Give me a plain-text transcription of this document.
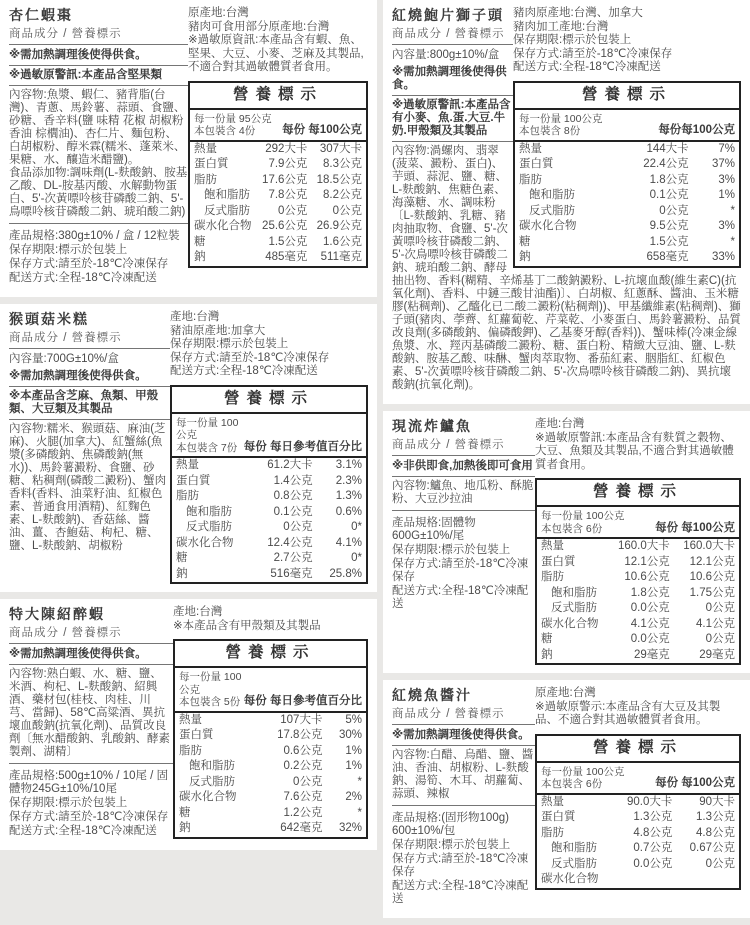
原產地:台灣
豬肉可食用部分原產地:台灣
※過敏原資訊:本產品含有蝦、魚、堅果、大豆、小麥、芝麻及其製品,不適合對其過敏體質者食用。
營養標示
每一份量 95公克
本包裝含 4份	每份 每100公克
熱量	292大卡	307大卡
蛋白質	7.9公克	8.3公克
脂肪	17.6公克	18.5公克
飽和脂肪	7.8公克	8.2公克
反式脂肪	0公克	0公克
碳水化合物	25.6公克	26.9公克
糖	1.5公克	1.6公克
鈉	485毫克	511毫克
杏仁蝦棗
商品成分 / 營養標示
※需加熱調理後使得供食。
※過敏原警訊:本產品含堅果類
內容物:魚漿、蝦仁、豬背脂(台灣)、青蔥、馬鈴薯、蒜頭、食鹽、砂糖、香辛料(鹽 味精 花椒 胡椒粉 香油 棕櫚油)、杏仁片、麵包粉、白胡椒粉、醇米霖(糯米、蓬萊米、果糖、水、釀造米醋鹽)。
食品添加物:調味劑(L-麩酸鈉、胺基乙酸、DL-胺基丙酸、水解動物蛋白、5'-次黃嘌呤核苷磷酸二鈉、5'-鳥嘌呤核苷磷酸二鈉、琥珀酸二鈉)
產品規格:380g±10% / 盒 / 12粒裝
保存期限:標示於包裝上
保存方式:請至於-18℃冷凍保存
配送方式:全程-18℃冷凍配送
產地:台灣
豬油原產地:加拿大
保存期限:標示於包裝上
保存方式:請至於-18℃冷凍保存
配送方式:全程-18℃冷凍配送
營養標示
每一份量 100公克
本包裝含 7份 每份 每日參考值百分比
熱量	61.2大卡	3.1%
蛋白質	1.4公克	2.3%
脂肪	0.8公克	1.3%
飽和脂肪	0.1公克	0.6%
反式脂肪	0公克	0*
碳水化合物	12.4公克	4.1%
糖	2.7公克	0*
鈉	516毫克	25.8%
猴頭菇米糕
商品成分 / 營養標示
內容量:700G±10%/盒
※需加熱調理後使得供食。
※本產品含芝麻、魚類、甲殼類、大豆類及其製品
內容物:糯米、猴頭菇、麻油(芝麻)、火腿(加拿大)、紅蟹絲(魚漿(多磷酸鈉、焦磷酸鈉(無水))、馬鈴薯澱粉、食鹽、砂糖、粘稠劑(磷酸二澱粉)、蟹肉香料(香料、油菜籽油、紅椒色素、普通食用酒精)、紅麴色素、L-麩酸鈉)、香菇絲、醬油、薑、杏鮑菇、枸杞、糖、鹽、L-麩酸鈉、胡椒粉
產地:台灣
※本產品含有甲殼類及其製品
營養標示
每一份量 100公克
本包裝含 5份 每份 每日參考值百分比
熱量	107大卡	5%
蛋白質	17.8公克	30%
脂肪	0.6公克	1%
飽和脂肪	0.2公克	1%
反式脂肪	0公克	*
碳水化合物	7.6公克	2%
糖	1.2公克	*
鈉	642毫克	32%
特大陳紹醉蝦
商品成分 / 營養標示
※需加熱調理後使得供食。
內容物:熟白蝦、水、糖、鹽、米酒、枸杞、L-麩酸鈉、紹興酒、藥材包(桂枝、肉桂、川芎、當歸)、58℃高粱酒、異抗壞血酸鈉(抗氧化劑)、品質改良劑〔無水醋酸鈉、乳酸鈉、酵素製劑、湖精〕
產品規格:500g±10% / 10尾 / 固體物245G±10%/10尾
保存期限:標示於包裝上
保存方式:請至於-18℃冷凍保存
配送方式:全程-18℃冷凍配送
豬肉原產地:台灣、加拿大
豬肉加工產地:台灣
保存期限:標示於包裝上
保存方式:請至於-18℃冷凍保存
配送方式:全程-18℃冷凍配送
營養標示
每一份量 100公克
本包裝含 8份	每份每100公克
熱量	144大卡	7%
蛋白質	22.4公克	37%
脂肪	1.8公克	3%
飽和脂肪	0.1公克	1%
反式脂肪	0公克	*
碳水化合物	9.5公克	3%
糖	1.5公克	*
鈉	658毫克	33%
紅燒鮑片獅子頭
商品成分 / 營養標示
內容量:800g±10%/盒
※需加熱調理後使得供食。
※過敏原警訊:本產品含有小麥、魚.蛋.大豆.牛奶.甲殼類及其製品
內容物:渦螺肉、翡翠(菠菜、澱粉、蛋白)、芋頭、蒜泥、鹽、糖、L-麩酸鈉、焦糖色素、海藻糖、水、調味粉〔L-麩酸鈉、乳糖、豬肉抽取物、食鹽、5'-次黃嘌呤核苷磷酸二鈉、5'-次鳥嘌呤核苷磷酸二鈉、琥珀酸二鈉、酵母抽出物、香料(糊精、辛烯基丁二酸鈉澱粉、L-抗壞血酸(維生素C)(抗氧化劑)、香料、中鏈三酸甘油酯)〕、白胡椒、紅蔥酥、醬油、玉米糖膠(粘稠劑)、乙醯化已二酸二澱粉(粘稠劑))、甲基纖維素(粘稠劑)、獅子頭(豬肉、荸薺、紅蘿蔔乾、芹菜乾、小麥蛋白、馬鈴薯澱粉、品質改良劑(多磷酸鈉、偏磷酸鉀)、乙基麥牙醇(香料))、蟹味棒(冷凍金線魚漿、水、羥丙基磷酸二澱粉、糖、蛋白粉、精緻大豆油、鹽、L-麩酸鈉、胺基乙酸、味醂、蟹肉萃取物、番茄紅素、胭脂紅、紅椒色素、5'-次黃嘌呤核苷磷酸二鈉、5'-次鳥嘌呤核苷磷酸二鈉)、異抗壞酸鈉(抗氧化劑)。
產地:台灣
※過敏原警訊:本產品含有麩質之穀物、大豆、魚類及其製品,不適合對其過敏體質者食用。
營養標示
每一份量 100公克
本包裝含 6份	每份 每100公克
熱量	160.0大卡	160.0大卡
蛋白質	12.1公克	12.1公克
脂肪	10.6公克	10.6公克
飽和脂肪	1.8公克	1.75公克
反式脂肪	0.0公克	0公克
碳水化合物	4.1公克	4.1公克
糖	0.0公克	0公克
鈉	29毫克	29毫克
現流炸鱸魚
商品成分 / 營養標示
※非供即食,加熱後即可食用
內容物:鱸魚、地瓜粉、酥脆粉、大豆沙拉油
產品規格:固體物600G±10%/尾
保存期限:標示於包裝上
保存方式:請至於-18℃冷凍保存
配送方式:全程-18℃冷凍配送
原產地:台灣
※過敏原警示:本產品含有大豆及其製品、不適合對其過敏體質者食用。
營養標示
每一份量 100公克
本包裝含 6份	每份 每100公克
熱量	90.0大卡	90大卡
蛋白質	1.3公克	1.3公克
脂肪	4.8公克	4.8公克
飽和脂肪	0.7公克	0.67公克
反式脂肪	0.0公克	0公克
碳水化合物		
紅燒魚醬汁
商品成分 / 營養標示
※需加熱調理後使得供食。
內容物:白醋、烏醋、鹽、醬油、香油、胡椒粉、L-麩酸鈉、湯筍、木耳、胡蘿蔔、蒜頭、辣椒
產品規格:(固形物100g) 600±10%/包
保存期限:標示於包裝上
保存方式:請至於-18℃冷凍保存
配送方式:全程-18℃冷凍配送
